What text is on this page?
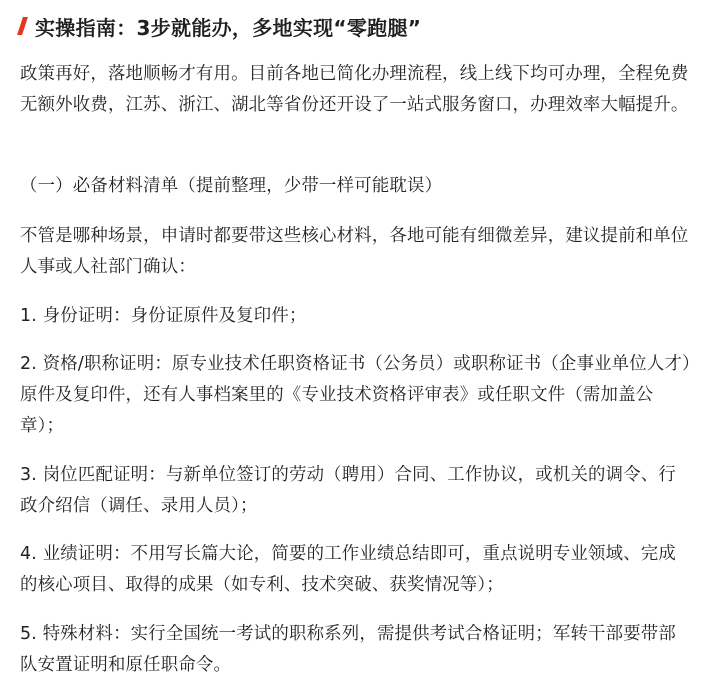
实操指南：3步就能办，多地实现“零跑腿”

政策再好，落地顺畅才有用。目前各地已简化办理流程，线上线下均可办理，全程免费无额外收费，江苏、浙江、湖北等省份还开设了一站式服务窗口，办理效率大幅提升。

（一）必备材料清单（提前整理，少带一样可能耽误）

不管是哪种场景，申请时都要带这些核心材料，各地可能有细微差异，建议提前和单位人事或人社部门确认：

1. 身份证明：身份证原件及复印件；

2. 资格/职称证明：原专业技术任职资格证书（公务员）或职称证书（企事业单位人才）原件及复印件，还有人事档案里的《专业技术资格评审表》或任职文件（需加盖公章）；

3. 岗位匹配证明：与新单位签订的劳动（聘用）合同、工作协议，或机关的调令、行政介绍信（调任、录用人员）；

4. 业绩证明：不用写长篇大论，简要的工作业绩总结即可，重点说明专业领域、完成的核心项目、取得的成果（如专利、技术突破、获奖情况等）；

5. 特殊材料：实行全国统一考试的职称系列，需提供考试合格证明；军转干部要带部队安置证明和原任职命令。
